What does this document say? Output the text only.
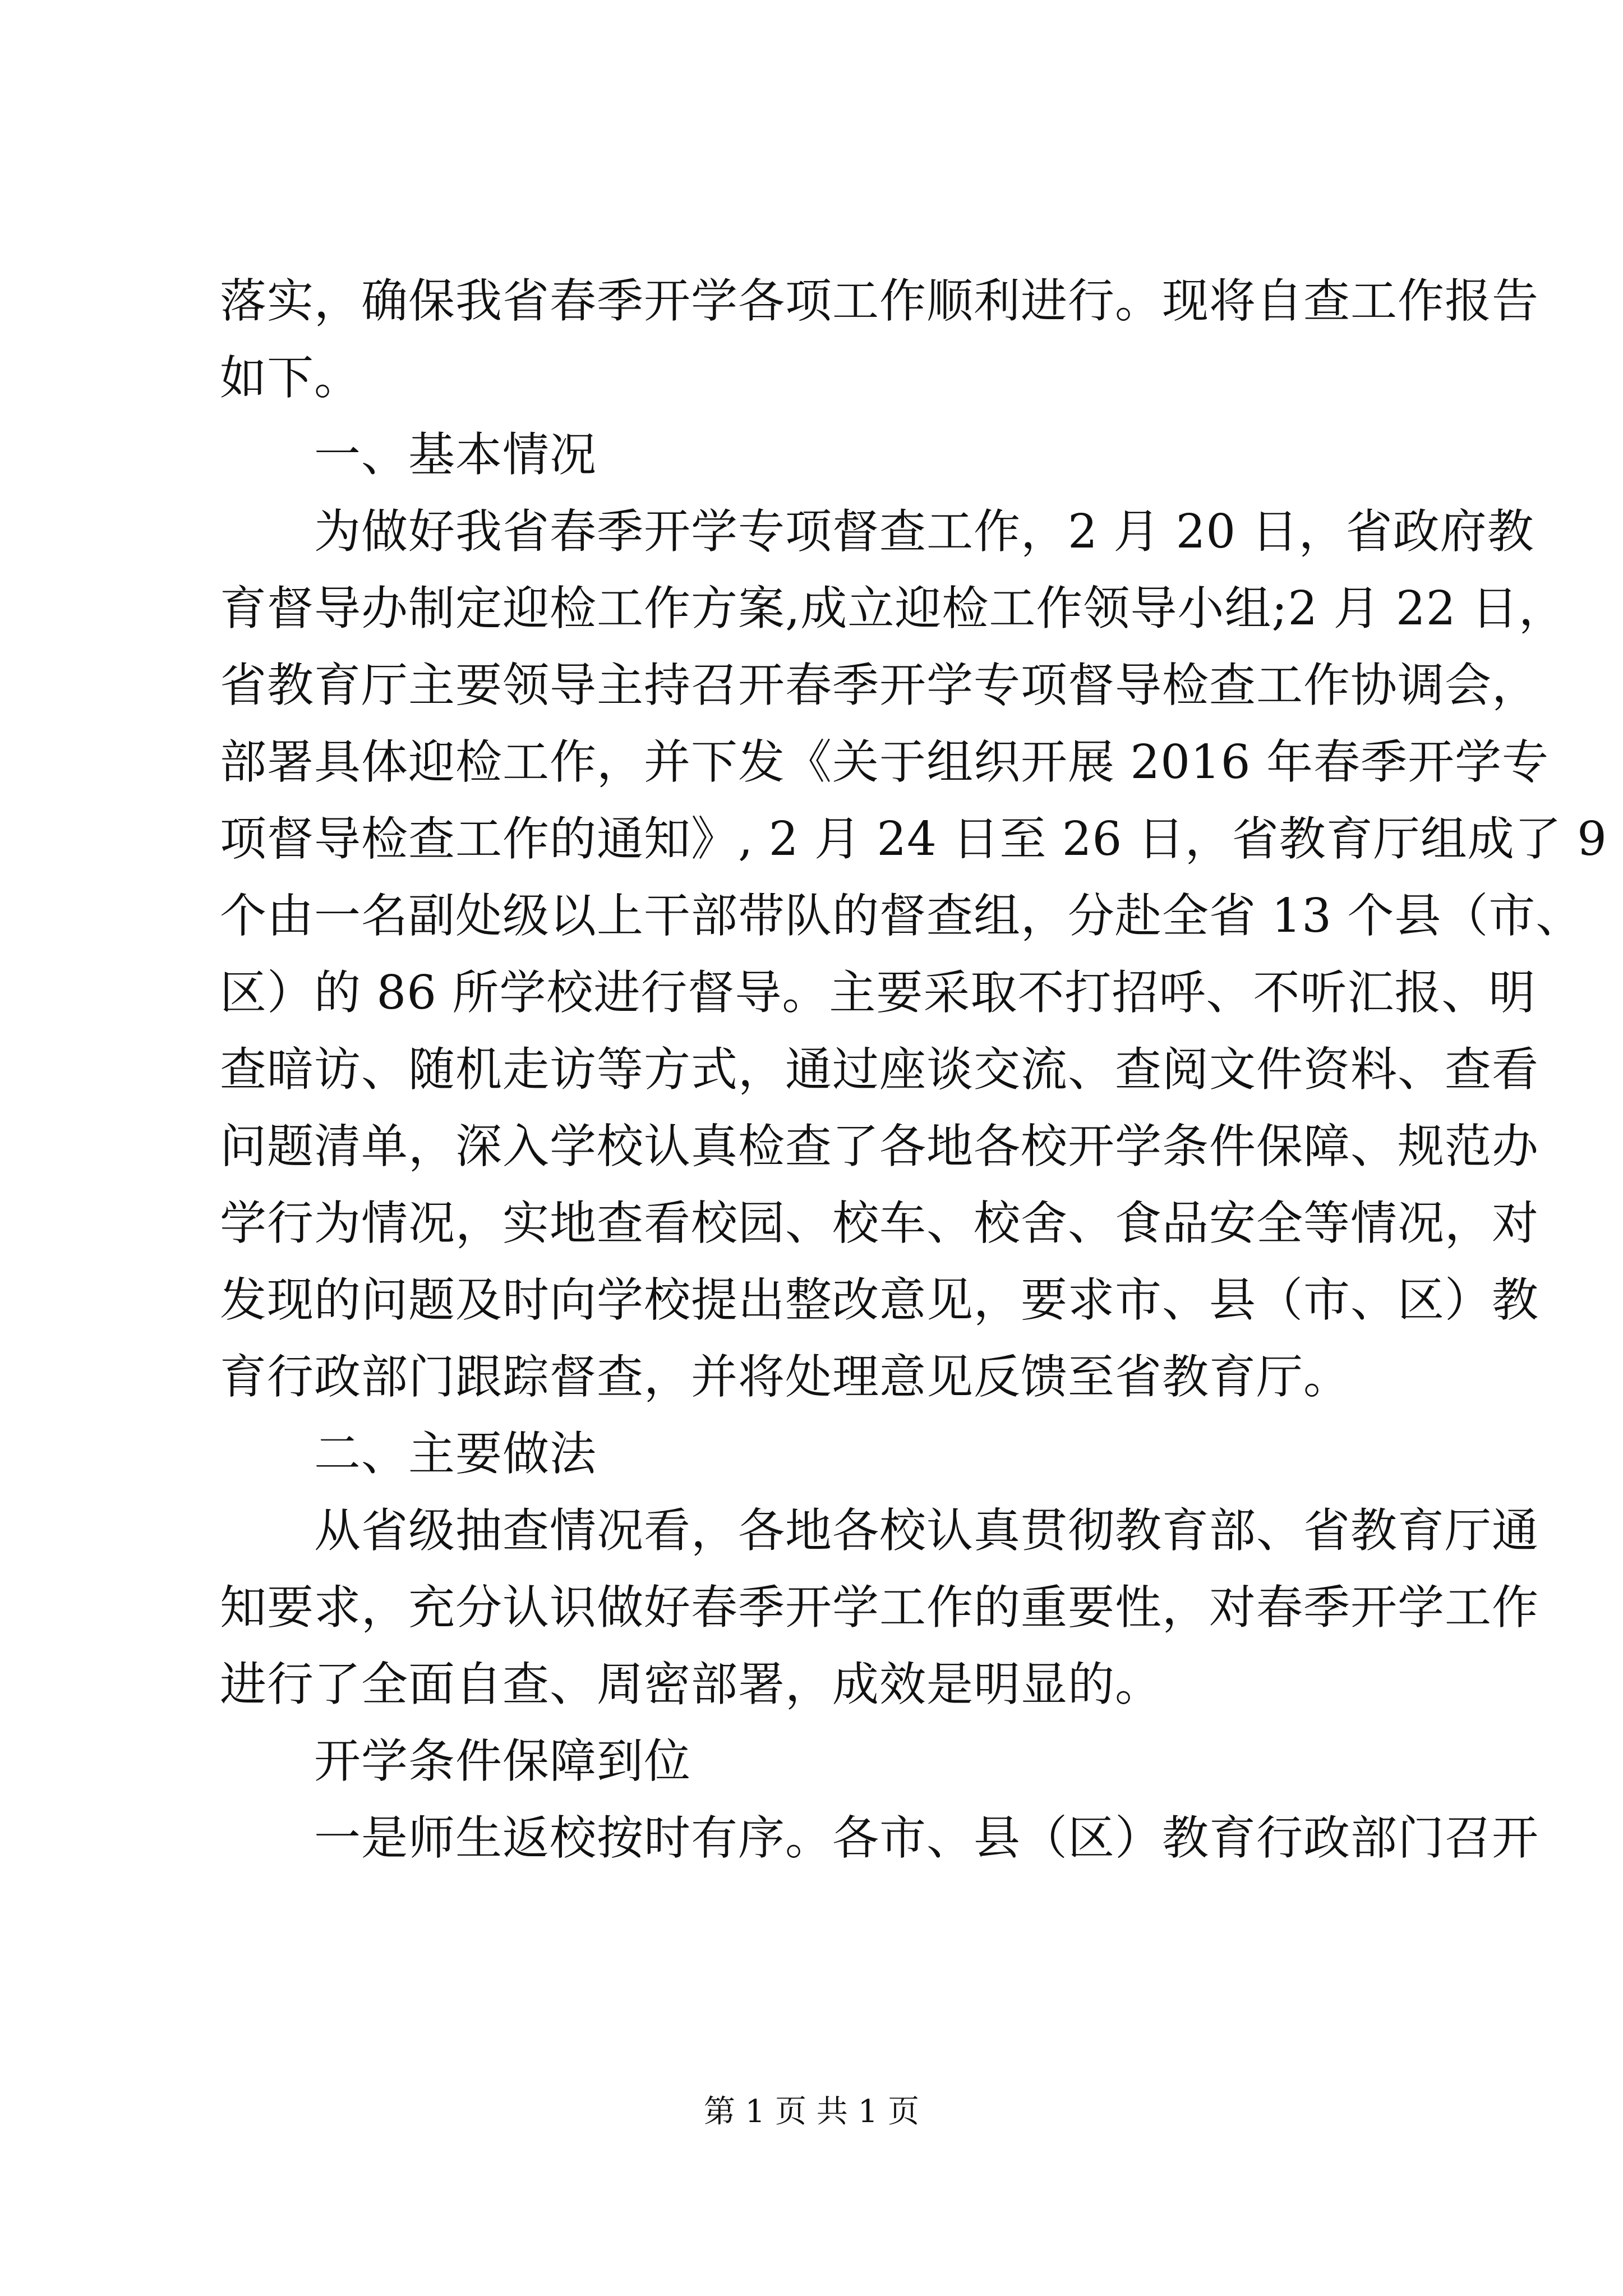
落实，确保我省春季开学各项工作顺利进行。现将自查工作报告
如下。
一、基本情况
为做好我省春季开学专项督查工作，2 月 20 日，省政府教
育督导办制定迎检工作方案,成立迎检工作领导小组;2 月 22 日，
省教育厅主要领导主持召开春季开学专项督导检查工作协调会，
部署具体迎检工作，并下发《关于组织开展 2016 年春季开学专
项督导检查工作的通知》, 2 月 24 日至 26 日，省教育厅组成了 9
个由一名副处级以上干部带队的督查组，分赴全省 13 个县（市、
区）的 86 所学校进行督导。主要采取不打招呼、不听汇报、明
查暗访、随机走访等方式，通过座谈交流、查阅文件资料、查看
问题清单，深入学校认真检查了各地各校开学条件保障、规范办
学行为情况，实地查看校园、校车、校舍、食品安全等情况，对
发现的问题及时向学校提出整改意见，要求市、县（市、区）教
育行政部门跟踪督查，并将处理意见反馈至省教育厅。
二、主要做法
从省级抽查情况看，各地各校认真贯彻教育部、省教育厅通
知要求，充分认识做好春季开学工作的重要性，对春季开学工作
进行了全面自查、周密部署，成效是明显的。
开学条件保障到位
一是师生返校按时有序。各市、县（区）教育行政部门召开
第 1 页 共 1 页
